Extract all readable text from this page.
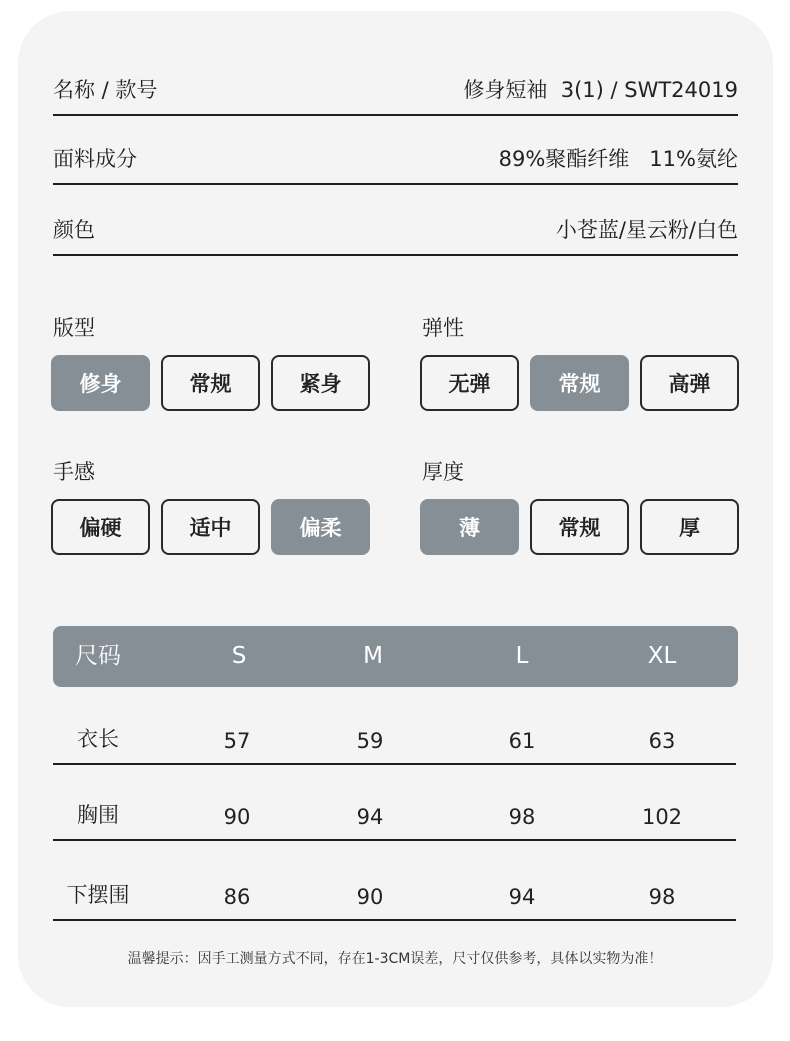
名称 / 款号	修身短袖  3(1) / SWT24019
面料成分	89%聚酯纤维   11%氨纶
颜色	小苍蓝/星云粉/白色
版型
修身	常规	紧身
弹性
无弹	常规	高弹
手感
偏硬	适中	偏柔
厚度
薄	常规	厚
尺码	S	M	L	XL
衣长	57	59	61	63
胸围	90	94	98	102
下摆围	86	90	94	98
温馨提示：因手工测量方式不同，存在1-3CM误差，尺寸仅供参考，具体以实物为准！
